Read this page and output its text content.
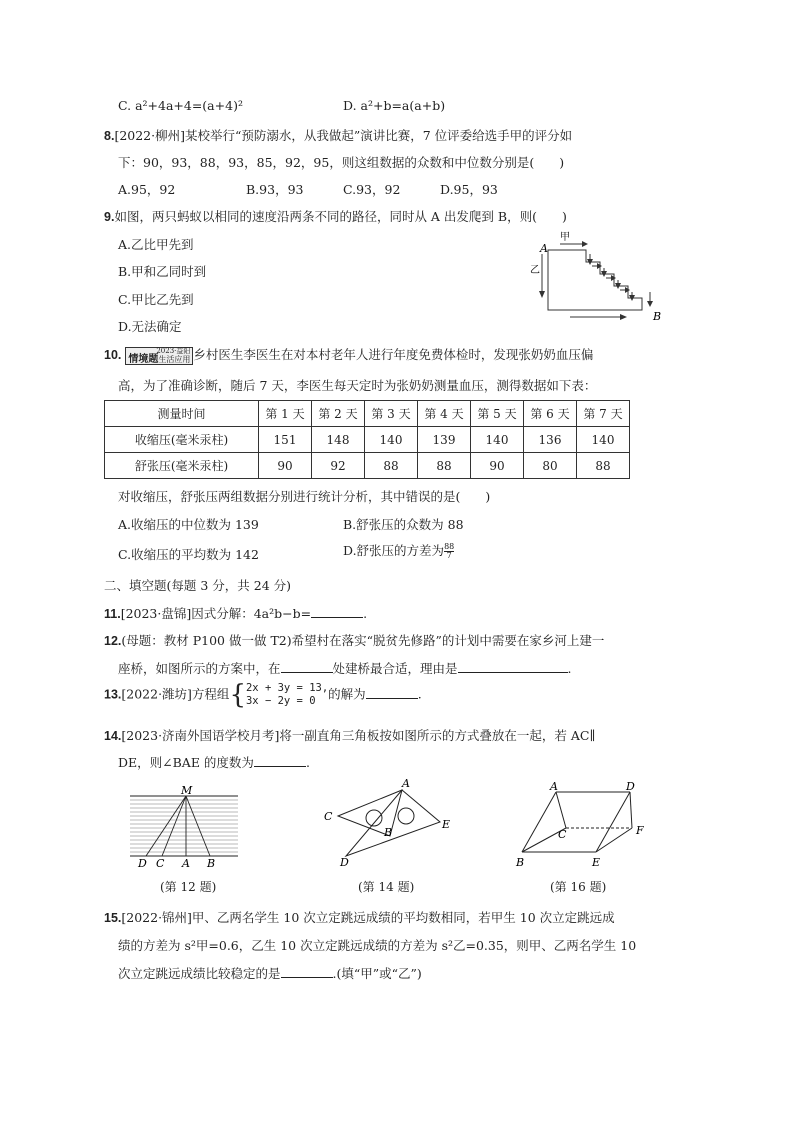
C. a²+4a+4=(a+4)²	D. a²+b=a(a+b)
8.[2022·柳州]某校举行“预防溺水，从我做起”演讲比赛，7 位评委给选手甲的评分如
下：90，93，88，93，85，92，95，则这组数据的众数和中位数分别是(　　)
A.95，92	B.93，93	C.93，92	D.95，93
9.如图，两只蚂蚁以相同的速度沿两条不同的路径，同时从 A 出发爬到 B，则(　　)
A.乙比甲先到
B.甲和乙同时到
C.甲比乙先到
D.无法确定
A
B
甲
乙
10.	2023·益阳
情境题生活应用 乡村医生李医生在对本村老年人进行年度免费体检时，发现张奶奶血压偏
高，为了准确诊断，随后 7 天，李医生每天定时为张奶奶测量血压，测得数据如下表：
测量时间	第 1 天	第 2 天	第 3 天	第 4 天	第 5 天	第 6 天	第 7 天
收缩压(毫米汞柱)	151	148	140	139	140	136	140
舒张压(毫米汞柱)	90	92	88	88	90	80	88
对收缩压，舒张压两组数据分别进行统计分析，其中错误的是(　　)
A.收缩压的中位数为 139	B.舒张压的众数为 88
C.收缩压的平均数为 142	D.舒张压的方差为 $\frac{88}{7}$
二、填空题(每题 3 分，共 24 分)
11.[2023·盘锦]因式分解：4a²b−b=	.
12.(母题：教材 P100 做一做 T2)希望村在落实“脱贫先修路”的计划中需要在家乡河上建一
座桥，如图所示的方案中，在	处建桥最合适，理由是	.
13.[2022·潍坊]方程组{ 2x + 3y = 13,
3x − 2y = 0	的解为	.
14.[2023·济南外国语学校月考]将一副直角三角板按如图所示的方式叠放在一起，若 AC∥
DE，则∠BAE 的度数为	.
M
D C A B
(第 12 题)
A
B
C
D
E
(第 14 题)
A
B
C
D
E
F
(第 16 题)
15.[2022·锦州]甲、乙两名学生 10 次立定跳远成绩的平均数相同，若甲生 10 次立定跳远成
绩的方差为 s²甲=0.6，乙生 10 次立定跳远成绩的方差为 s²乙=0.35，则甲、乙两名学生 10
次立定跳远成绩比较稳定的是	.(填“甲”或“乙”)
